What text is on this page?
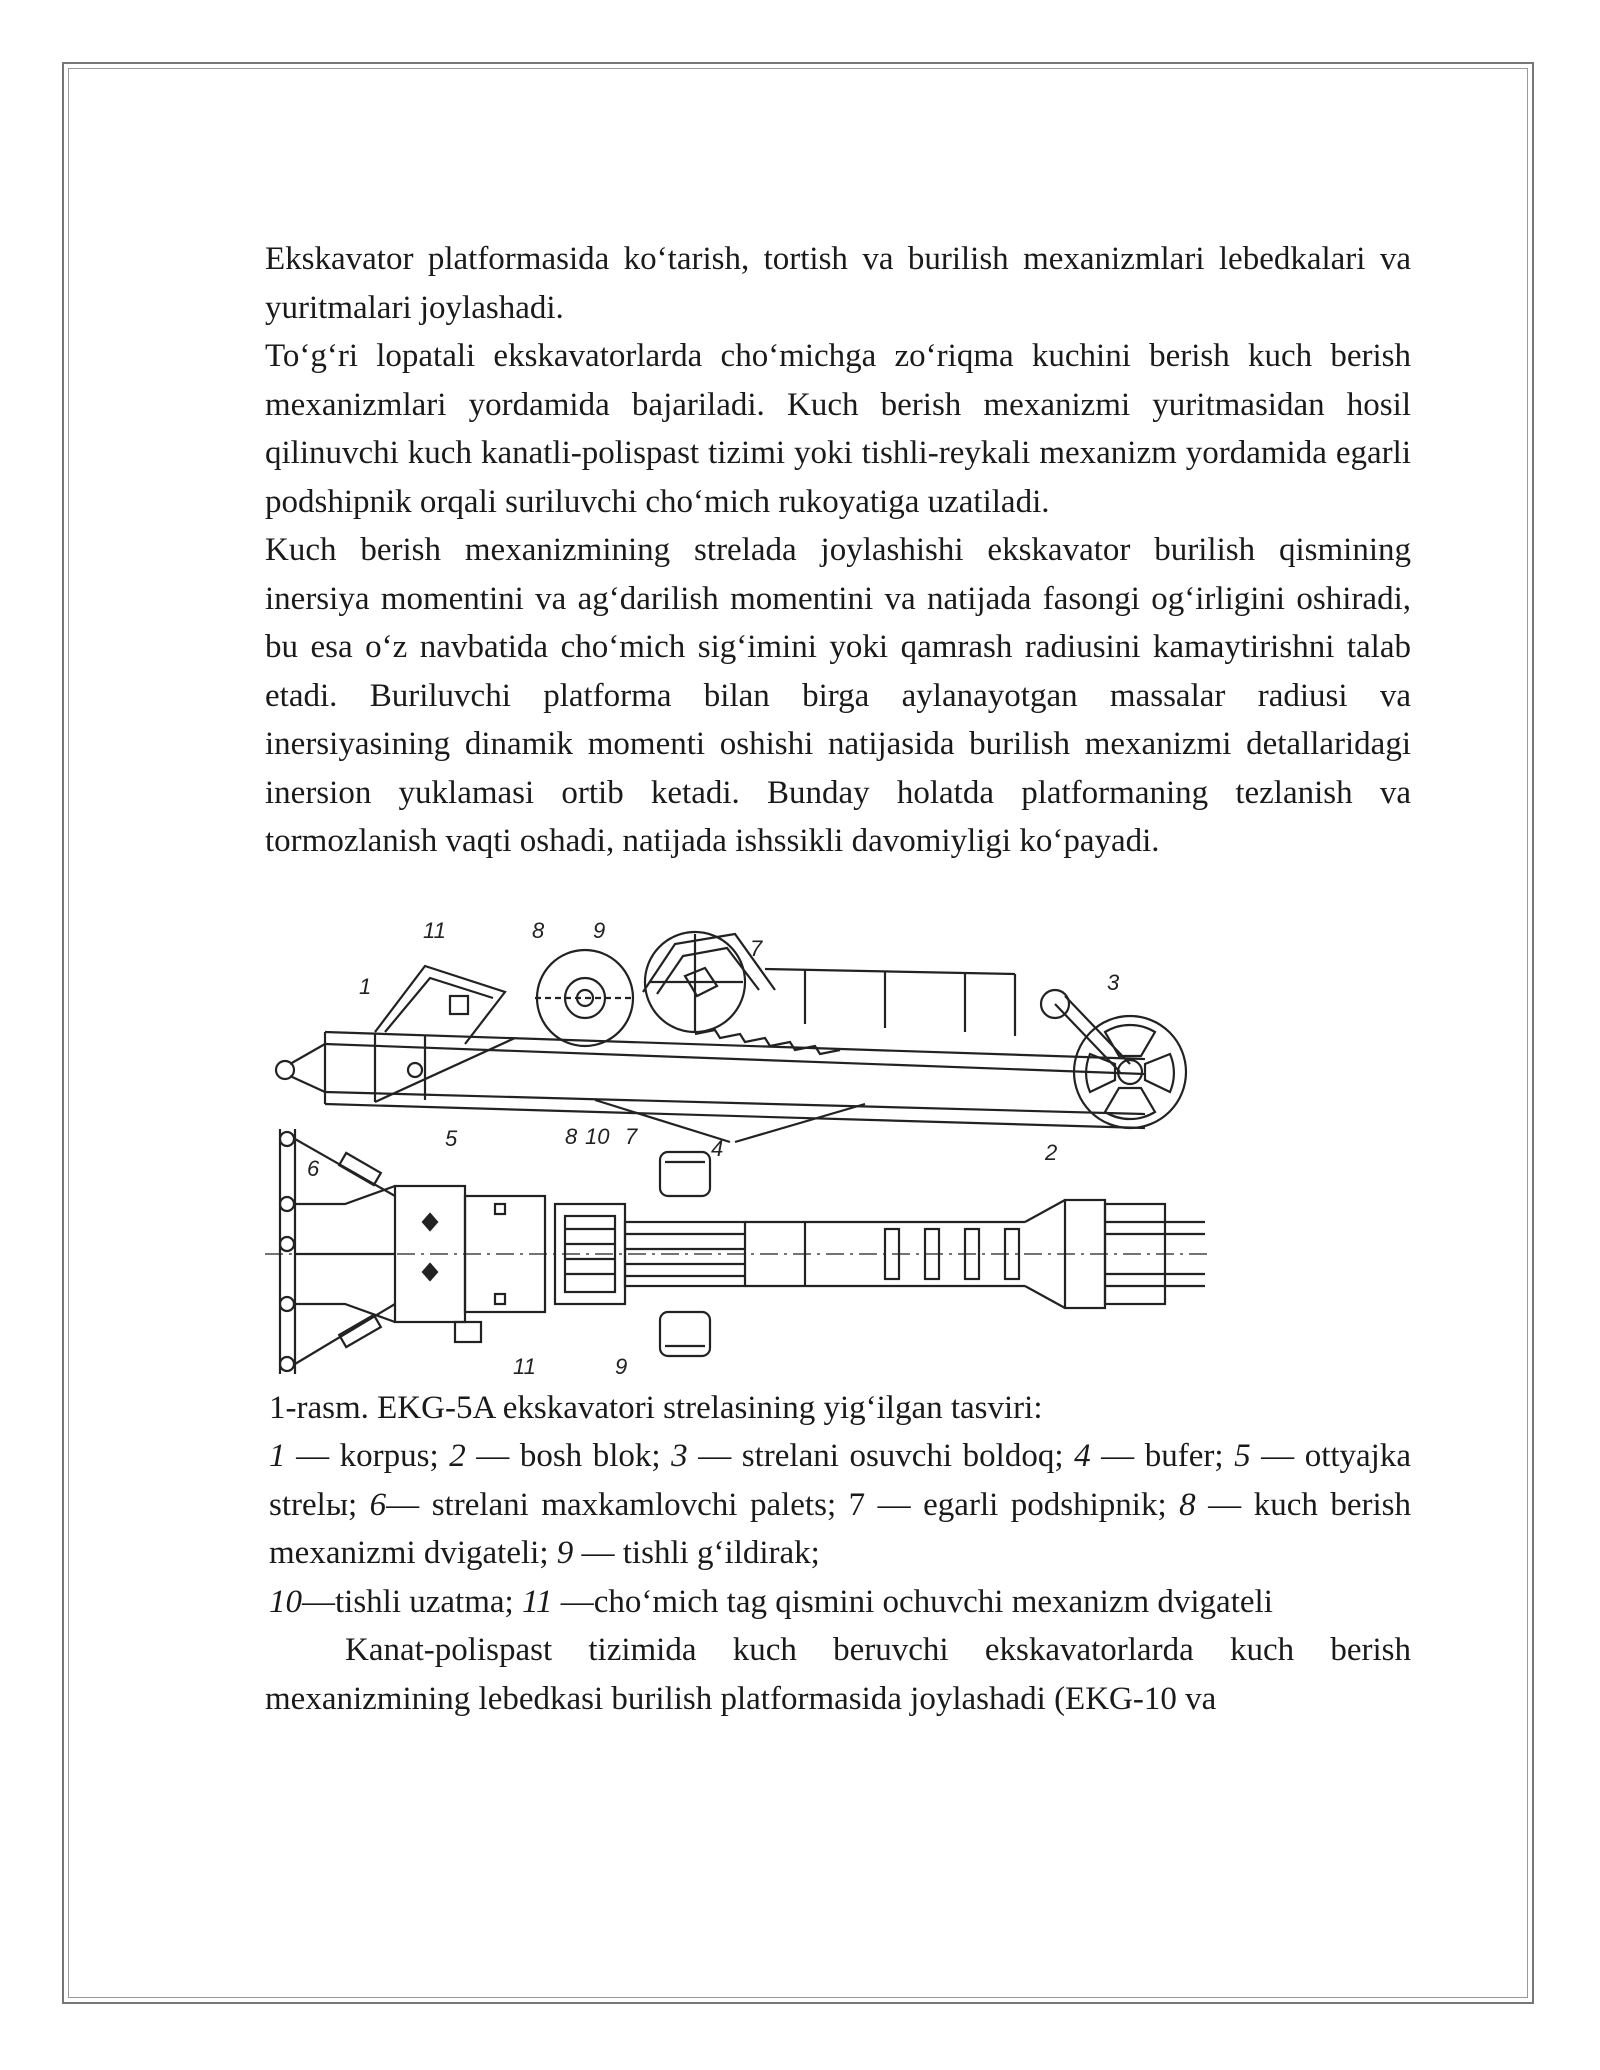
Ekskavator platformasida ko‘tarish, tortish va burilish mexanizmlari lebedkalari va yuritmalari joylashadi.

To‘g‘ri lopatali ekskavatorlarda cho‘michga zo‘riqma kuchini berish kuch berish mexanizmlari yordamida bajariladi. Kuch berish mexanizmi yuritmasidan hosil qilinuvchi kuch kanatli-polispast tizimi yoki tishli-reykali mexanizm yordamida egarli podshipnik orqali suriluvchi cho‘mich rukoyatiga uzatiladi.

Kuch berish mexanizmining strelada joylashishi ekskavator burilish qismining inersiya momentini va ag‘darilish momentini va natijada fasongi og‘irligini oshiradi, bu esa o‘z navbatida cho‘mich sig‘imini yoki qamrash radiusini kamaytirishni talab etadi. Buriluvchi platforma bilan birga aylanayotgan massalar radiusi va inersiyasining dinamik momenti oshishi natijasida burilish mexanizmi detallaridagi inersion yuklamasi ortib ketadi. Bunday holatda platformaning tezlanish va tormozlanish vaqti oshadi, natijada ishssikli davomiyligi ko‘payadi.

11	8 9
7
1	3
2
4
5
6
8 10 7
11	9

1-rasm. EKG-5A ekskavatori strelasining yig‘ilgan tasviri:
1 — korpus; 2 — bosh blok; 3 — strelani osuvchi boldoq; 4 — bufer; 5 — ottyajka strelы; 6— strelani maxkamlovchi palets; 7 — egarli podshipnik; 8 — kuch berish mexanizmi dvigateli; 9 — tishli g‘ildirak;
10—tishli uzatma; 11 —cho‘mich tag qismini ochuvchi mexanizm dvigateli

Kanat-polispast tizimida kuch beruvchi ekskavatorlarda kuch berish mexanizmining lebedkasi burilish platformasida joylashadi (EKG-10 va
